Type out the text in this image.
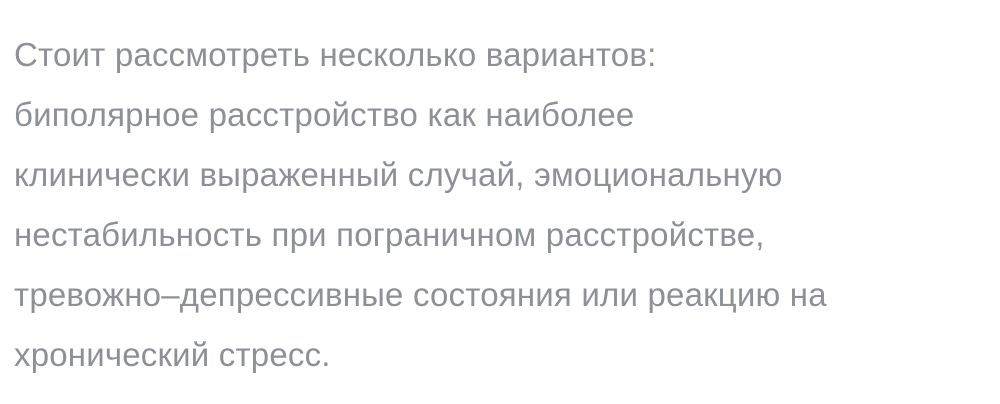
Стоит рассмотреть несколько вариантов:
биполярное расстройство как наиболее
клинически выраженный случай, эмоциональную
нестабильность при пограничном расстройстве,
тревожно–депрессивные состояния или реакцию на
хронический стресс.
